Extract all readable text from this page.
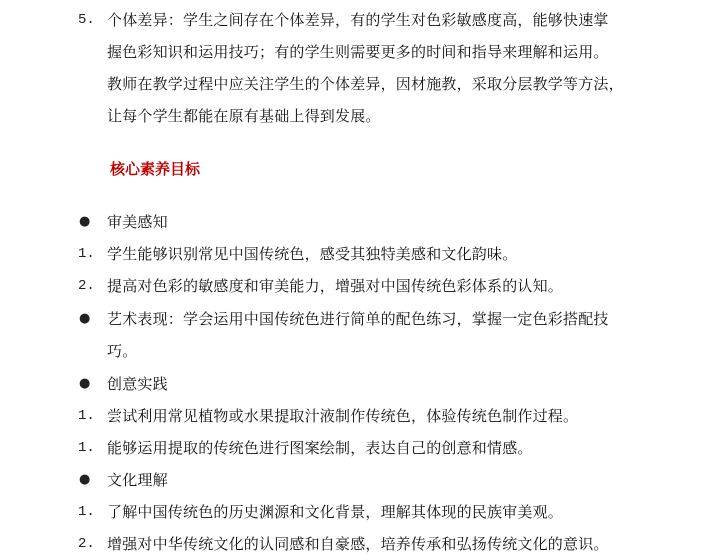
5. 个体差异：学生之间存在个体差异，有的学生对色彩敏感度高，能够快速掌
握色彩知识和运用技巧；有的学生则需要更多的时间和指导来理解和运用。
教师在教学过程中应关注学生的个体差异，因材施教，采取分层教学等方法，
让每个学生都能在原有基础上得到发展。
核心素养目标
●	审美感知
1. 学生能够识别常见中国传统色，感受其独特美感和文化韵味。
2. 提高对色彩的敏感度和审美能力，增强对中国传统色彩体系的认知。
●	艺术表现：学会运用中国传统色进行简单的配色练习，掌握一定色彩搭配技
巧。
●	创意实践
1. 尝试利用常见植物或水果提取汁液制作传统色，体验传统色制作过程。
1. 能够运用提取的传统色进行图案绘制，表达自己的创意和情感。
●	文化理解
1. 了解中国传统色的历史渊源和文化背景，理解其体现的民族审美观。
2. 增强对中华传统文化的认同感和自豪感，培养传承和弘扬传统文化的意识。
